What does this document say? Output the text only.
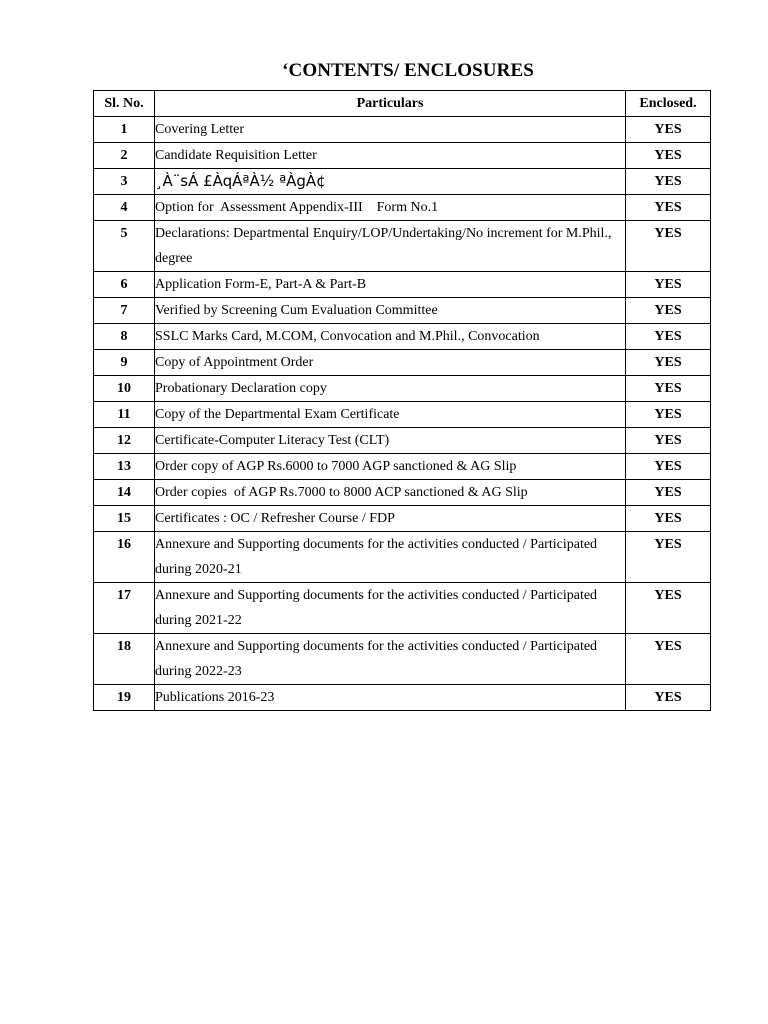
‘CONTENTS/ ENCLOSURES
Sl. No.	Particulars	Enclosed.
1	Covering Letter	YES
2	Candidate Requisition Letter	YES
3	¸À¨sÁ £ÀqÁªÀ½ ªÀgÀ¢	YES
4	Option for  Assessment Appendix-III    Form No.1	YES
5	Declarations: Departmental Enquiry/LOP/Undertaking/No increment for M.Phil., degree	YES
6	Application Form-E, Part-A & Part-B	YES
7	Verified by Screening Cum Evaluation Committee	YES
8	SSLC Marks Card, M.COM, Convocation and M.Phil., Convocation	YES
9	Copy of Appointment Order	YES
10	Probationary Declaration copy	YES
11	Copy of the Departmental Exam Certificate	YES
12	Certificate-Computer Literacy Test (CLT)	YES
13	Order copy of AGP Rs.6000 to 7000 AGP sanctioned & AG Slip	YES
14	Order copies  of AGP Rs.7000 to 8000 ACP sanctioned & AG Slip	YES
15	Certificates : OC / Refresher Course / FDP	YES
16	Annexure and Supporting documents for the activities conducted / Participated during 2020-21	YES
17	Annexure and Supporting documents for the activities conducted / Participated during 2021-22	YES
18	Annexure and Supporting documents for the activities conducted / Participated during 2022-23	YES
19	Publications 2016-23	YES
